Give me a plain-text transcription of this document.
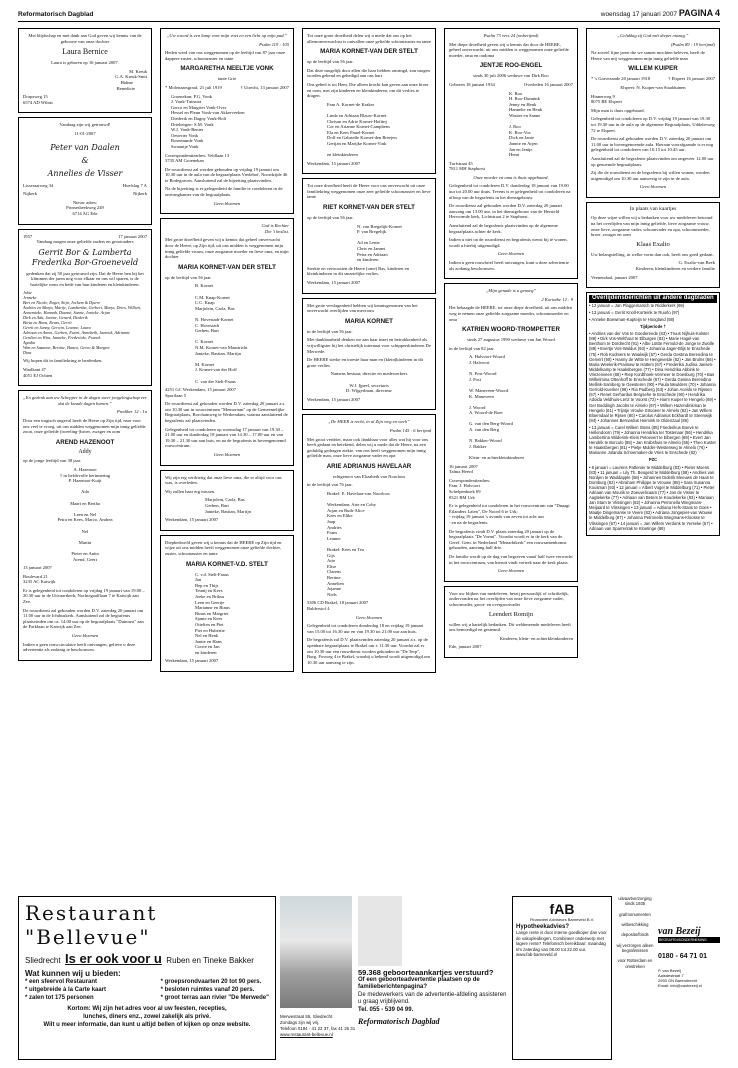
Reformatorisch Dagblad	woensdag 17 januari 2007 PAGINA 4

Met blijdschap en met dank aan God geven wij kennis van de geboorte van onze dochter

Laura Bernice

Laura is geboren op 16 januari 2007.

M. Kreuk

G.A. Kreuk-Smit

Hidme

Benedicte

Dorpsweg 15

6574 AD Wilnis

Vandaag zijn wij getrouwd!

11-01-2007

Peter van Daalen

&

Annelies de Visser

Lisseraarweg 34

Nijkerk

Hoefslag 7 A

Nijkerk

Nieuw adres:

Prinsesbeekweg 249

6714 AG Ede

1957	17 januari 2007

Vandaag mogen onze geliefde ouders en grootouders

Gerrit Bor & Lamberta Frederika Bor-Groeneveld

gedenken dat zij 50 jaar getrouwd zijn. Dat de Heere hen bij het klimmen der jaren nog voor elkaar en ons wil sparen, is de hartelijke wens en bede van hun kinderen en kleinkinderen.

Jokie
Jenneke
Bert en Nicole, Roger, Stijn, Jochem & Djurre
Andries en Marja, Marije, Lambertha, Gerbert, Marja, Dries, Wilbert, Annemieke, Hannah, Dianne, Sanne, Janieke, Arjan
Dirk en Ada, Janine, Gerard, Diederik
Berta en Hans, Renss, Gerrit
Gerrit en Janny, Gerwin, Leanne, Laura
Adriaan en Annet, Gerben, Ewart, Annebeth, Jannick, Adrianne
Gerdien en Wim, Janneke, Frederieke, Franck
Agatha
Wim en Suzanne, Bertine, Hanco, Gerco & Margret
Dina

Wij hopen dit in familiekring te herdenken.

Waalkant 47

4051 EJ Ochten

„En gedenk aan uw Schepper in de dagen uwer jongelingschap eer dat de kwade dagen komen.”

Prediker 12 : 1a

Door een tragisch ongeval heeft de Heere op Zijn tijd, naar voor ons veel te vroeg, uit ons midden weggenomen mijn innig geliefde zoon, onze geliefde (tweeling-)broer, zwager en oom

AREND HAZENOOT

Addy

op de jonge leeftijd van 38 jaar.

A. Hazenoot
† in liefdevolle herinnering
P. Hazenoot-Kuijt

Ada

Maart en Bertha

Leen en Nel
Petra en Kees, Marco, Andrea

Nel

Martin

Pieter en Anita
Arend, Geert

13 januari 2007

Boulevard 21
3235 AC Katwijk

Er is gelegenheid tot condoleren op vrijdag 19 januari van 19.00 – 20.30 uur in de Uitvaartkerk, Nachtegaalflaan 7 te Katwijk aan Zee.

De rouwdienst zal gehouden worden D.V. zaterdag 20 januari om 11.00 uur in de Ichthuskerk. Aansluitend zal de begrafenis plaatsvinden om ca. 14.00 uur op de begraafplaats "Duinrust" aan de Parklaan te Katwijk aan Zee.

Geen bloemen

Indien u geen rouwcirculaire heeft ontvangen, gelieve u deze advertentie als zodanig te beschouwen.

„Uw woord is een lamp voor mijn voet en een licht op mijn pad.”

Psalm 119 : 105

Heden werd van ons weggenomen op de leeftijd van 87 jaar onze dappere zuster, schoonzuster en tante

MARGARETHA NEELTJE VONK

tante Grie

* Molenaarsgraaf, 21 juli 1919	† Utrecht, 13 januari 2007

Groenekan: P.G. Vonk
J. Vonk-Tuinstra
Gerco en Margriet Vonk-Over
Hessel en Pleun Vonk-van Akkerveeken
Diederik en Dagny Vonk-Bolt
Driebergen: S.M. Vonk
W.J. Vonk-Benier
Oeuvrier Vonk
Rosemunde Vonk
Swaantje Vonk

Correspondentieadres: Veldlaan 13
3735 AM Groenekan

De rouwdienst zal worden gehouden op vrijdag 19 januari om 10.30 uur in de aula van de begraafplaats Vredehof, Noordzijde 46 te Bodegraven. Aansluitend zal de bijzetting plaatsvinden.

Na de bijzetting is er gelegenheid de familie te condoleren in de ontvangkamer van de begraafplaats.

Geen bloemen

God is Rechter
Die 't beslist.

Met grote droefheid geven wij u kennis dat geheel onverwacht door de Heere, op Zijn tijd, uit ons midden is weggenomen mijn innig geliefde vrouw, onze zorgzame moeder en lieve oma, en mijn dochter

MARIA KORNET-VAN DER STELT

op de leeftijd van 56 jaar.

B. Kornet

C.M. Knap-Kornet
C.C. Knap
Marjolein, Carla, Bas

N. Hovestadt-Kornet
C. Hovestadt
Gerben, Bart

C. Kornet
N.M. Kornet-van Maastricht
Janieke, Bastian, Martijn

M. Kornet
J. Kornet-van der Hoff

C. van der Stelt-Faaus

4251 GC Werkendam, 15 januari 2007
Sportlaan 5

De rouwdienst zal gehouden worden D.V. zaterdag 20 januari a.s. om 10.30 uur in rouwcentrum "Memoriam" op de Gemeentelijke Begraafplaats, Borchamweg te Werkendam, waarna aansluitend de begrafenis zal plaatsvinden.

Gelegenheid tot condoleren op woensdag 17 januari van 19.30 – 21.00 uur en donderdag 18 januari van 14.30 – 17.00 uur en van 19.30 – 21.30 uur aan huis, en na de begrafenis in bovengenoemd rouwcentrum.

Geen bloemen

Wij zijn erg verdrietig dat onze lieve oma, die er altijd voor ons was, is overleden.

Wij zullen haar erg missen.

Marjolein, Carla, Bas
Gerben, Bart
Janieke, Bastian, Martijn

Werkendam, 15 januari 2007

Diepbedroefd geven wij u kennis dat de HEERE op Zijn tijd en wijze uit ons midden heeft weggenomen onze geliefde dochter, zuster, schoonzuster en tante

MARIA KORNET-V.D. STELT

C. v.d. Stelt-Faaus
Jan
Bep en Thijs
Teunij en Kees
Joeke en Brikus
Leen en Geertje
Marianne en Binus
Binus en Margriet
Sjanie en Kees
Ottelien en Piet
Piet en Hubertie
Nel en Henk
Jantie en Hans
Corrie en Jan
en kinderen

Werkendam, 15 januari 2007

Tot onze grote droefheid delen wij u mede dat ons op het allernonverwachtst is ontvallen onze geliefde schoonzuster en tante

MARIA KORNET-VAN DER STELT

op de leeftijd van 56 jaar.

Dat deze mogelijk door allen die haar hebben omringd, zon mogen worden gekend en gebedigd aan ons hart.

Ons gebed is tot Hem, Die alleen kracht kan geven aan onze broer en oom, met zijn kinderen en kleinkinderen, om dit verlies te dragen.

Fam A. Kornet-de Kraker

Linda en Adriaan Blauw-Kornet
Chrisan en Adrie Kornet-Hoftinj
Cor en Arianne Kornet-Camphens
Ela en Kees Pauel-Kornet
Dolf en Gabrielle Kornet-den Breejen
Gertjan en Marijke Kornet-Vink

en kleinkinderen

Werkendam, 15 januari 2007

Tot onze droefheid heeft de Heere voor ons onverwacht uit onze familiekring weggenomen onze zeer geliefde schoonzuster en lieve tante

RIET KORNET-VAN DER STELT

op de leeftijd van 56 jaar.

N. van Bregelijk-Kornet
P. van Bregelijk

Ad en Lenie
Chris en Jannet
Petra en Adriaan
en kinderen

Sterkte en vertroosten de Heere (ome) Bas, kinderen en kleinkinderen in dit smartelijke verlies.

Werkendam, 15 januari 2007

Met grote verslagenheid hebben wij kennisgenomen van het onverwacht overlijden van mevrouw

MARIA KORNET

in de leeftijd van 56 jaar.

Met dankbaarheid denken we aan haar inzet en betrokkenheid als vrijwilligster bij het christelijk internaat voor schipperskinderen De Merwede.

De HEERE sterke en troeste haar man en (klein)kinderen in dit grote verlies.

Namens bestuur, directie en medewerkers

W.J. Ijpeel, secretaris
D. Wijgerlman, directeur

Werkendam, 15 januari 2007

„De HEER is recht, in al Zijn weg en werk”

Psalm 145 : 6 berijmd

Met groot verdriet, maar ook dankbaar voor alles wat hij voor ons heeft gedaan en betekend, delen wij u mede dat de Heere, na een geduldig gedragen ziekte, van ons heeft weggenomen mijn innig geliefde man, onze lieve zorgzame vader en opa

ARIE ADRIANUS HAVELAAR

echtgenoot van Elizabeth van Noorloos

in de leeftijd van 76 jaar.

Brakel: E. Havelaar-van Noorloos

Werkendam: Arie en Coby
Arjan en Ruth-Alice
Kees en Elike
Jaap
Andries
Frans
Leanne

Brakel: Kees en Tea
Gijs
Arie
Elise
Clarens
Bertine
Annelien
Jojanne
Niels

5306 CD Brakel, 18 januari 2007
Balderstof 4

Geen bloemen

Gelegenheid tot condoleren donderdag 18 en vrijdag 19 januari van 15.00 tot 16.30 uur en van 19.30 tot 21.00 uur aan huis.

De begrafenis zal D.V. plaatsvinden zaterdag 20 januari a.s. op de openbare begraafplaats te Brakel om ± 11.30 uur. Voordat zal er om 10.30 uur een rouwdienst worden gehouden in "De Terp", Burg. Posweg 4 te Brakel, waarbij u bekend wordt uitgenodigd om 10.30 uur aanvang te zijn.

Psalm 73 vers 24 (onberijmd)

Met diepe droefheid geven wij u kennis dat door de HEERE, geheel onverwacht, uit ons midden is weggenomen onze geliefde moeder, oma en oudoma

JENTJE ROO-ENGEL

sinds 30 juli 2006 weduwe van Dirk Roo

Geboren 18 januari 1934	Overleden 16 januari 2007

K. Roo
H. Roo-Dunnink
Jenny en Henk
Hannelie en Henk
Wouter en Sanne

J. Roo
K. Roo-Vos
Dick en Janie
Jannie en Arjen
Jan en Janije
Henri

Turfstraat 45
7811 MH Staphorst

Onze moeder en oma is thuis opgebaard.

Gelegenheid tot condoleren D.V. donderdag 18 januari van 19.00 uur tot 20.00 uur thuis. Tevens is er gelegenheid tot condoleren na afloop van de begrafenis in het dienstgebouw.

De rouwdienst zal gehouden worden D.V. zaterdag 20 januari aanvang om 13.00 uur, in het dienstgebouw van de Hersteld Hervormde kerk, Lichtstraat 2 te Staphorst.

Aansluitend zal de begrafenis plaatsvinden op de algemene begraafplaats achter de kerk.

Indien u niet on de rouwdienst en begrafenis wenst bij te wonen, wordt u hierbij uitgenodigd.

Geen bloemen

Indien u geen rouwbrief heeft ontvangen, kunt u deze advertentie als zodanig beschouwen.

„Mijn genade is u genoeg”

2 Korinthe 12 : 9

Het behaagde de HEERE, tot onze diepe droefheid, uit ons midden weg te nemen onze geliefde zorgzame moeder, schoonmoeder en oma

KATRIEN WOORD-TROMPETTER

sinds 27 augustus 1990 weduwe van Jan Woord

in de leeftijd van 82 jaar.

A. Halvoort-Woord
J. Halvoort

N. Post-Woord
J. Post

W. Maneveen-Woord
K. Maneveen

J. Woord
A. Woord-de Boer

G. van den Berg-Woord
A. van den Berg

N. Bakker-Woord
J. Bakker

Klein- en achterkleinkinderen

16 januari 2007
Talma Heerd

Correspondentieadres:
Fam. J. Halvoort
Schelpenhoek 69
8321 RM Urk

Er is gelegenheid tot condoleren in het rouwcentrum van "Dnaagt Eilanders Laten", De Noord 6 te Urk:
- vrijdag 19 januari 's avonds van zeven tot acht uur
- en na de begrafenis.

De begrafenis vindt D.V. plaats zaterdag 20 januari op de begraafplaats "De Vormt". Voordat wordt er in de kerk van de Geref. Gem. in Nederland "Menarbikerk" een rouwsamenkomst gehouden, aanvang half drie.

De familie wordt op de dag van begraven vanaf half twee verwacht in het rouwcentrum, van hieruit vindt vertrek naar de kerk plaats.

Geen bloemen

Voor uw blijken van medeleven, hetzij persoonlijk of schriftelijk, ondervonden na het overlijden van onze lieve zorgzame vader, schoonvader, groot- en overgrootvader

Leendert Romijn

willen wij u hartelijk bedanken. Dit weldeneende medeleven heeft ons bemoedigd en gesteund.

Kinderen, klein- en achterkleinkinderen

Ede, januari 2007

„Gelukkig zij God mét diepet ontzag.”

(Psalm 89 : 19 berijmd)

Na zoveel fijne jaren die we samen mochten beleven, heeft de Heere van mij weggenomen mijn innig geliefde man

WILLEM KUIPER

* 's Gravezande 20 januari 1918	† Elspeet 16 januari 2007

Elspeet: N. Kuiper-van Staalduinen

Hinnerweg 9
8075 BE Elspeet

Mijn man is thuis opgebaard.

Gelegenheid tot condoleren op D.V. vrijdag 19 januari van 19.30 tot 19.30 uur in de aula op de algemene Begraafplaats, Uddelerweg 72 te Elspeet.

De rouwdienst zal gehouden worden D.V. zaterdag 20 januari om 11.00 uur in bovengenoemde aula. Hieraan voorafgaande is er nog gelegenheid tot condoleren van 10.15 tot 10.45 uur.

Aansluitend zal de begrafenis plaatsvinden om ongeveer 12.00 uur op genoemde begraafplaats.

Zij die de rouwdienst en de begrafenis bij willen wonen, worden uitgenodigd om 10.30 uur aanwezig te zijn in de aula.

Geen bloemen

In plaats van kaartjes

Op deze wijze willen wij u bedanken voor uw medeleven betoond na het overlijden van mijn innig geliefde, lieve zorgzame vrouw, onze lieve, zorgzame vader, schoonvader en opa, schoonmoeder, broer, zwager en oom

Klaas Exalto

Uw belangstelling, in welke vorm dan ook, heeft ons goed gedaan.

G. Exalto-van Beek
Kinderen, kleinkinderen en verdere familie

Veenendaal, januari 2007

Overlijdensberichten uit andere dagbladen

• 12 januari = Jan Plaggemarsch te Ridderkerk (69)

• 13 januari = Gerrit Knoll-Korteink te Ruurlo (97)

• Anneke Boewman-Kapteijn te Hoogland (58)

Tijdperiode †

• Andries van der Vos te Goedereede (83) • Truus Nijhuis-Kolster (89) • Dirk Vos-Welthout te Elburgen (83) • Marie Hagel-van Benthum te Dordrecht (91) • Albe Lüttte Fernold-de Jonge te Zwolle (89) • Evertje Vos-Waldus (93) • Johanna Jager-Blijs te Enschede (75) • Rob Kodmers te Waalwijk (57) • Gerda Gestma Berendina te Gemert (90) • Hanny de Witte te Hengevelde (62) • Jan Brulns (66) • Maria Weelerik-Praimaw te Hattem (67) • Frederika Judina Jansen-Middelkamp te Haaksbergen (77) • Dina Hendrika Abbink te Vriezenveen (88) • Riep Kordthoek-Vermeer te Doesburg (70) • Bas Wilhelmina Ottenhoff te Enschede (67) • Gerda Gesina Berendina Mellink-Samberg te Geesteren (90) • Paula Meulders (70) • Johanna Gerrold-Kuerker (86) • Ria Padberg (63) • Johan Aceldo te Rijssen (57) • Renet Gerhardus Bergsehe te Enschede (90) • Hendrika Adolda Veldhuis-Lenz te Voorst (72) • Harm Kuiper te Hengelo (69) • Ger Boddingh Jacobs te Almelo (67) • Willem Hazendinkman te Hengelo (61) • Trijntje Vrouke Strooeer te Almelo (82) • Jan Willem Bloemdaal te Rijsen (80) • Carolus Adrianus Eckhardt te Steenwijk (94) • Johannes Bernardus Heimink te Oldenzaal (86)

• 13 januari = Carel Willem Stens (85) Friederikus Boeve te Hellendoorn (79) • Johanna Hendrika ter Tostenaar (56) • Hendrika Lambertina Wilderink-Klein Peloevert te Eibergen (89) • Evert Jan Hendrik te Borculo (85) • Jan Krabshuis te Almelo (55) • Theo Kuster te Haaksbergen (81) • Pietje Mulder-Westerweg te Almelo (76) • Marianne Jolanda Schoemaker-de Vries te Enschede (82)

PZC

• 8 januari = Laurens Pattenier te Middelburg (83) • Pieter Moens (83) • 11 januari = Lily Th. Beogerd te Middelburg (59) • Andries van Nordjen te Waddapple (68) • Johannes Diderik Meeuws de Haan te Domburg (82) • Abraham Philippe te Vrouwe (88) • Sara Susanna Kousman (93) • 12 januari = Albert Vogel te Middelburg (71) • Pieter Adriaan van Mourik te Zoeuvelicaam (77) • Jan de Visser te Aagtekerke (77) • Adriaan van Betem te Koudekerke (83) • Mariaan Jan Stam te Vlissingen (82) • Johanna Petronella Wiegmans-Meijaard te Vlissingen • 13 januari = Adriana Hefs-Stans te Goes • Maatje Dingemanse te Veere (82) • Adriana Jongepier-van Wouwe te Middelburg (87) • Johanna Petronella Wiegmans-Kloosse te Vlissingen (67) • 14 januari = Jan Willem Verdonk te Yerseke (57) • Adriaan van Sparrentak te Kloetinge (68)

Restaurant "Bellevue"
Sliedrecht Is er ook voor u Ruben en Tineke Bakker

Wat kunnen wij u bieden:

* een sfeervol Restaurant

* uitgebreide à la Carte kaart

* zalen tot 175 personen

* groepsrondvaarten 20 tot 90 pers.

* besloten ruimtes vanaf 20 pers.

* groot terras aan rivier "De Merwede"

Kortom: Wij zijn het adres voor al uw feesten, recepties,

lunches, diners enz., zowel zakelijk als privé.

Wilt u meer informatie, dan kunt u altijd bellen of kijken op onze website.

Merwestraat 55, Sliedrecht

Zondags zijn wij vrij.

Telefoon 0184 - 41 22 37, fax 41 26 31

www.restaurant-bellevue.nl

59.368 geboorteaankartjes verstuurd?

Of een geboorteadvertentie plaatsen op de familieberichtenpagina?

De medewerkers van de advertentie-afdeling assisteren u graag vrijblijvend.

Tel. 055 - 539 04 99.

Reformatorisch Dagblad

fAB

Financieel Adviseurs Barneveld B.V.

Hypotheekadvies?

Lange rente is door interne goedkoper dan voor de vakopleidingen. Combineer onderwerp met lagere rente? Telefonisch bereikbaar: maandag t/m zaterdag van 08.00 tot 22.00 uur.

www.fab-barneveld.nl

uitvaartverzorging sinds 1935

grafmonumenten

witbeschikking

deposito/fonds

wij verzorgen alleen begrafenissen

voor Rotterdam en omstreken

van Bezeij

BEGRAFENISONDERNEMING

0180 - 64 71 01

P. van Bezeij

Aalsdestraat 7

2993 GN Barendrecht

Email: info@vanbezeij.nl
